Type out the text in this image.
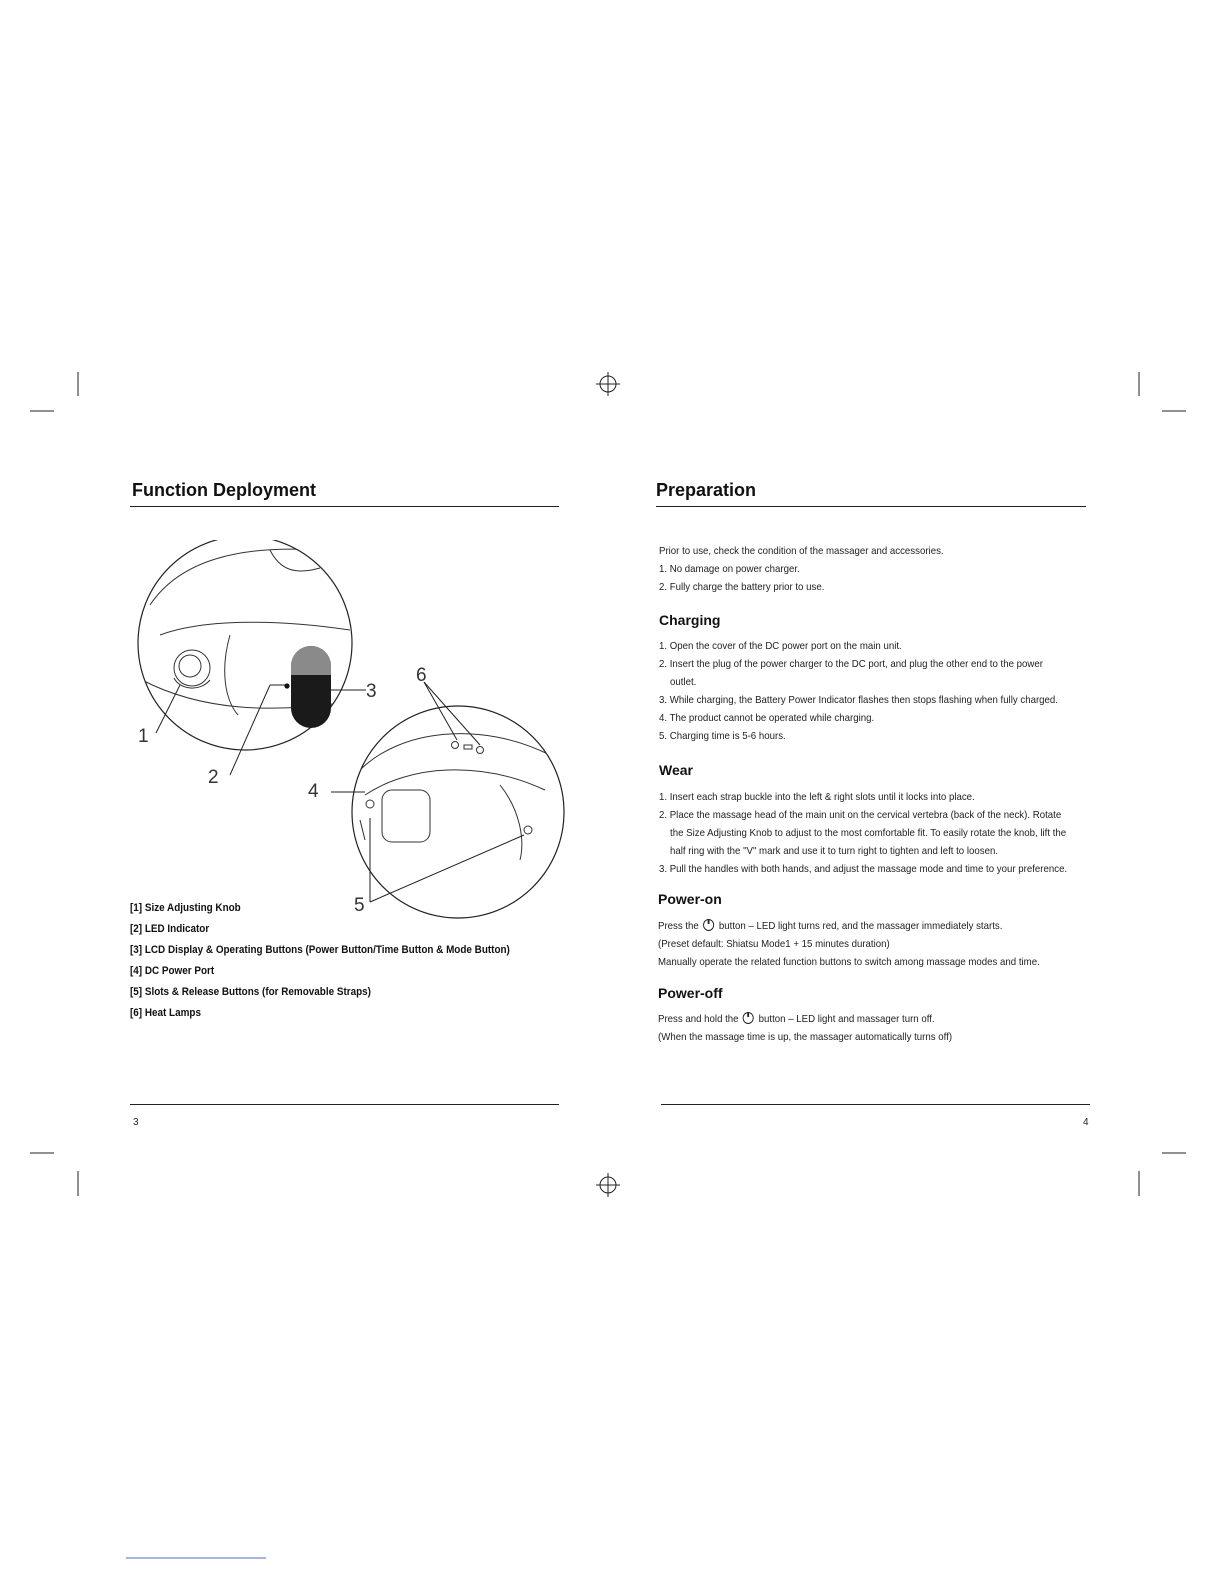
Function Deployment
1
2
3
4
5
6
[1] Size Adjusting Knob
[2] LED Indicator
[3] LCD Display & Operating Buttons (Power Button/Time Button & Mode Button)
[4] DC Power Port
[5] Slots & Release Buttons (for Removable Straps)
[6] Heat Lamps
3
Preparation
Prior to use, check the condition of the massager and accessories.
1. No damage on power charger.
2. Fully charge the battery prior to use.
Charging
1. Open the cover of the DC power port on the main unit.
2. Insert the plug of the power charger to the DC port, and plug the other end to the power
outlet.
3. While charging, the Battery Power Indicator flashes then stops flashing when fully charged.
4. The product cannot be operated while charging.
5. Charging time is 5-6 hours.
Wear
1. Insert each strap buckle into the left & right slots until it locks into place.
2. Place the massage head of the main unit on the cervical vertebra (back of the neck). Rotate
the Size Adjusting Knob to adjust to the most comfortable fit. To easily rotate the knob, lift the
half ring with the "V" mark and use it to turn right to tighten and left to loosen.
3. Pull the handles with both hands, and adjust the massage mode and time to your preference.
Power-on
Press the button – LED light turns red, and the massager immediately starts.
(Preset default: Shiatsu Mode1 + 15 minutes duration)
Manually operate the related function buttons to switch among massage modes and time.
Power-off
Press and hold the button – LED light and massager turn off.
(When the massage time is up, the massager automatically turns off)
4
